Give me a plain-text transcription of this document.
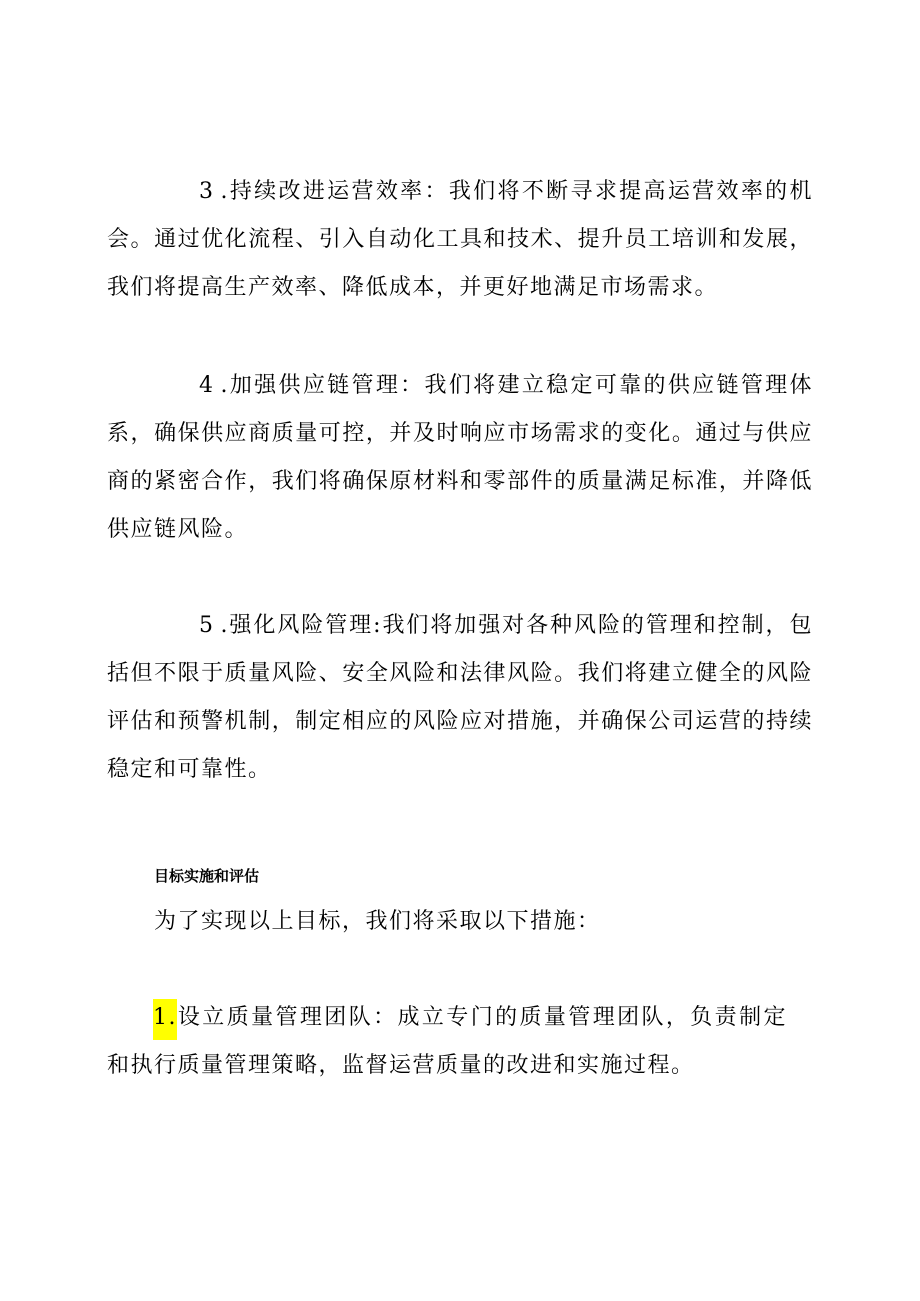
3 .持续改进运营效率：我们将不断寻求提高运营效率的机会。通过优化流程、引入自动化工具和技术、提升员工培训和发展，我们将提高生产效率、降低成本，并更好地满足市场需求。

4 .加强供应链管理：我们将建立稳定可靠的供应链管理体系，确保供应商质量可控，并及时响应市场需求的变化。通过与供应商的紧密合作，我们将确保原材料和零部件的质量满足标准，并降低供应链风险。

5 .强化风险管理:我们将加强对各种风险的管理和控制，包括但不限于质量风险、安全风险和法律风险。我们将建立健全的风险评估和预警机制，制定相应的风险应对措施，并确保公司运营的持续稳定和可靠性。

目标实施和评估

为了实现以上目标，我们将采取以下措施：

1.设立质量管理团队：成立专门的质量管理团队，负责制定和执行质量管理策略，监督运营质量的改进和实施过程。
